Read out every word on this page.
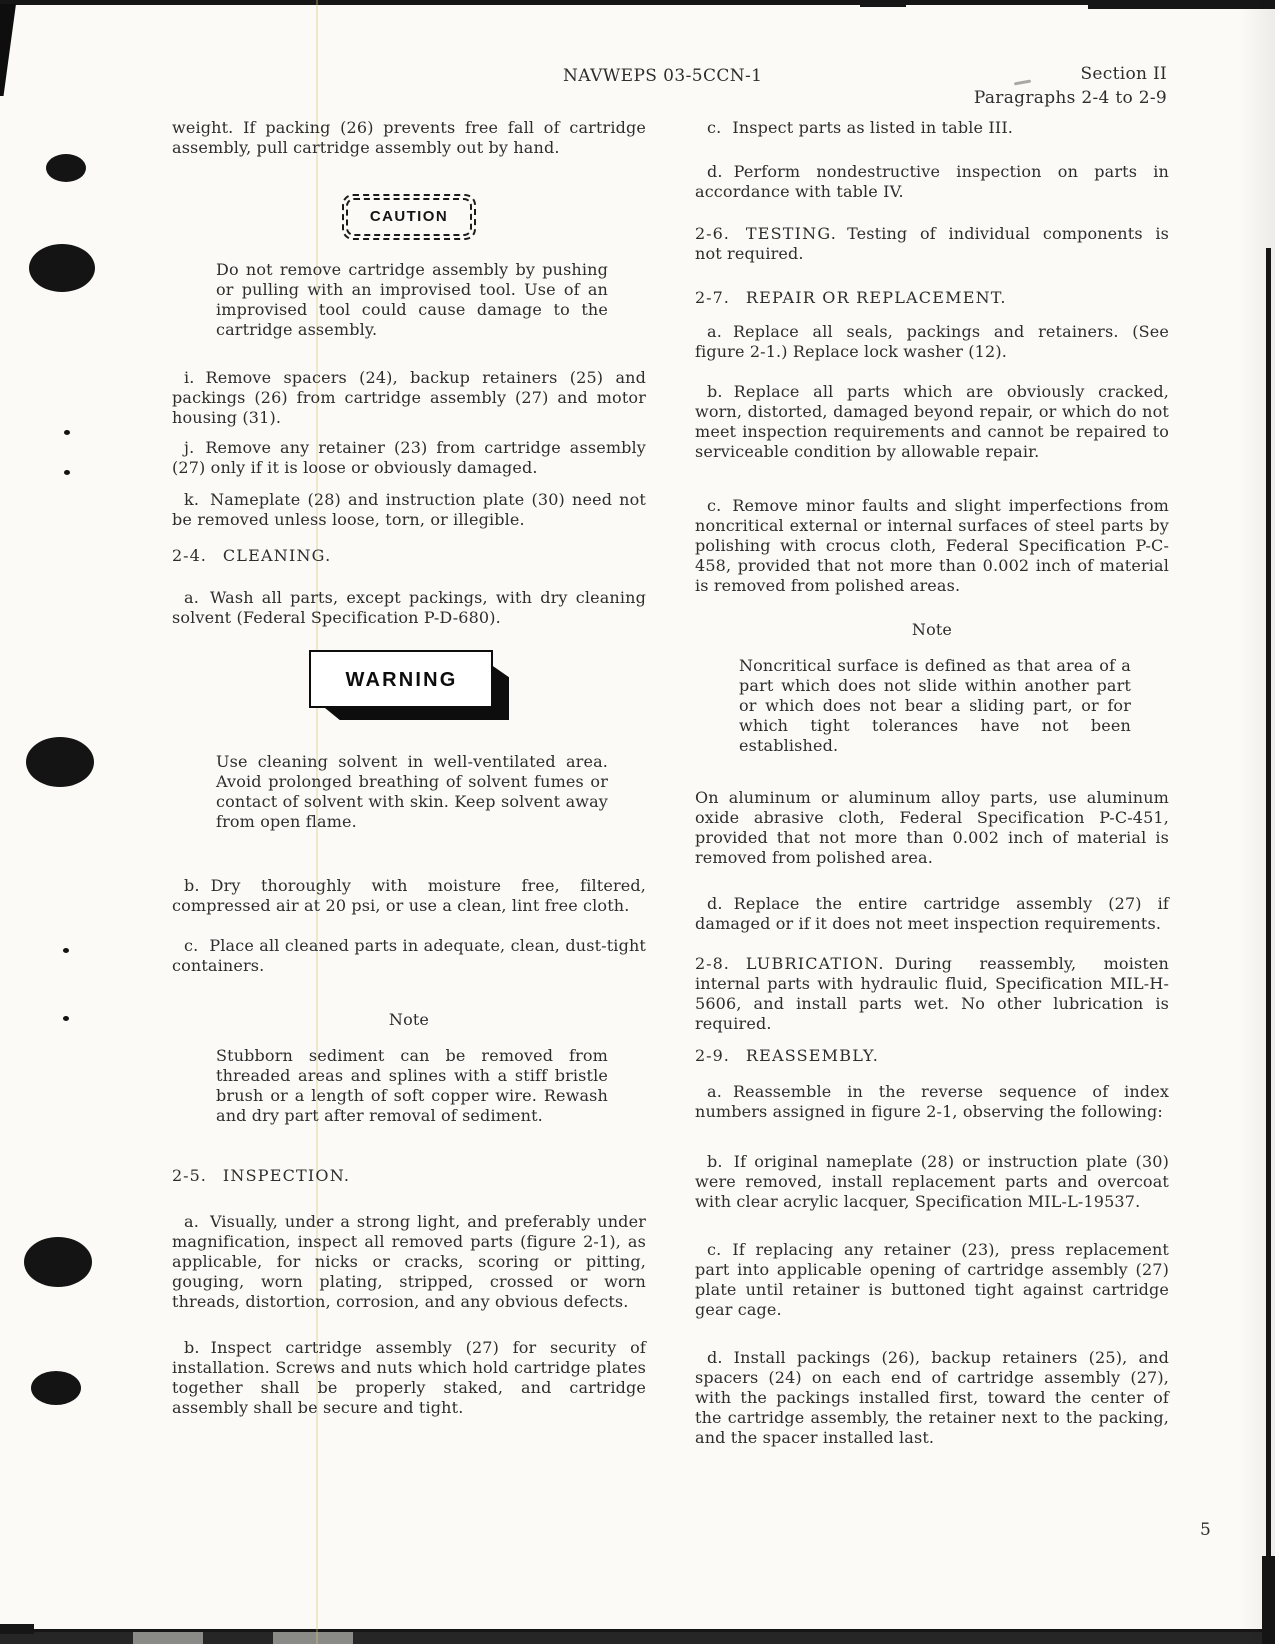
NAVWEPS 03-5CCN-1	Section II
Paragraphs 2-4 to 2-9

weight. If packing (26) prevents free fall of cartridge assembly, pull cartridge assembly out by hand.

CAUTION

Do not remove cartridge assembly by pushing or pulling with an improvised tool. Use of an improvised tool could cause damage to the cartridge assembly.

i. Remove spacers (24), backup retainers (25) and packings (26) from cartridge assembly (27) and motor housing (31).

j. Remove any retainer (23) from cartridge assembly (27) only if it is loose or obviously damaged.

k. Nameplate (28) and instruction plate (30) need not be removed unless loose, torn, or illegible.

2-4. CLEANING.

a. Wash all parts, except packings, with dry cleaning solvent (Federal Specification P-D-680).

WARNING

Use cleaning solvent in well-ventilated area. Avoid prolonged breathing of solvent fumes or contact of solvent with skin. Keep solvent away from open flame.

b. Dry thoroughly with moisture free, filtered, compressed air at 20 psi, or use a clean, lint free cloth.

c. Place all cleaned parts in adequate, clean, dust-tight containers.

Note

Stubborn sediment can be removed from threaded areas and splines with a stiff bristle brush or a length of soft copper wire. Rewash and dry part after removal of sediment.

2-5. INSPECTION.

a. Visually, under a strong light, and preferably under magnification, inspect all removed parts (figure 2-1), as applicable, for nicks or cracks, scoring or pitting, gouging, worn plating, stripped, crossed or worn threads, distortion, corrosion, and any obvious defects.

b. Inspect cartridge assembly (27) for security of installation. Screws and nuts which hold cartridge plates together shall be properly staked, and cartridge assembly shall be secure and tight.

c. Inspect parts as listed in table III.

d. Perform nondestructive inspection on parts in accordance with table IV.

2-6. TESTING. Testing of individual components is not required.

2-7. REPAIR OR REPLACEMENT.

a. Replace all seals, packings and retainers. (See figure 2-1.) Replace lock washer (12).

b. Replace all parts which are obviously cracked, worn, distorted, damaged beyond repair, or which do not meet inspection requirements and cannot be repaired to serviceable condition by allowable repair.

c. Remove minor faults and slight imperfections from noncritical external or internal surfaces of steel parts by polishing with crocus cloth, Federal Specification P-C-458, provided that not more than 0.002 inch of material is removed from polished areas.

Note

Noncritical surface is defined as that area of a part which does not slide within another part or which does not bear a sliding part, or for which tight tolerances have not been established.

On aluminum or aluminum alloy parts, use aluminum oxide abrasive cloth, Federal Specification P-C-451, provided that not more than 0.002 inch of material is removed from polished area.

d. Replace the entire cartridge assembly (27) if damaged or if it does not meet inspection requirements.

2-8. LUBRICATION. During reassembly, moisten internal parts with hydraulic fluid, Specification MIL-H-5606, and install parts wet. No other lubrication is required.

2-9. REASSEMBLY.

a. Reassemble in the reverse sequence of index numbers assigned in figure 2-1, observing the following:

b. If original nameplate (28) or instruction plate (30) were removed, install replacement parts and overcoat with clear acrylic lacquer, Specification MIL-L-19537.

c. If replacing any retainer (23), press replacement part into applicable opening of cartridge assembly (27) plate until retainer is buttoned tight against cartridge gear cage.

d. Install packings (26), backup retainers (25), and spacers (24) on each end of cartridge assembly (27), with the packings installed first, toward the center of the cartridge assembly, the retainer next to the packing, and the spacer installed last.

5
